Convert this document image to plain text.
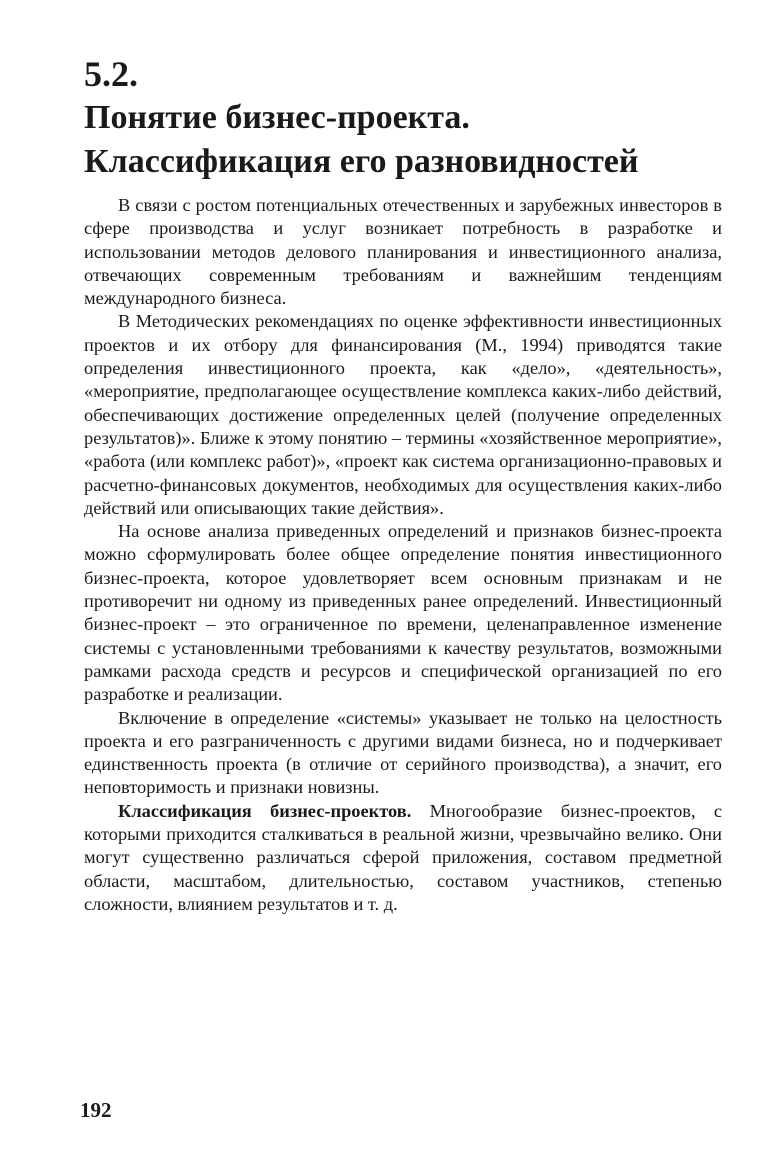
5.2.
Понятие бизнес-проекта.
Классификация его разновидностей

В связи с ростом потенциальных отечественных и зарубежных инвесторов в сфере производства и услуг возникает потребность в разработке и использовании методов делового планирования и инвестиционного анализа, отвечающих современным требованиям и важнейшим тенденциям международного бизнеса.

В Методических рекомендациях по оценке эффективности инвестиционных проектов и их отбору для финансирования (М., 1994) приводятся такие определения инвестиционного проекта, как «дело», «деятельность», «мероприятие, предполагающее осуществление комплекса каких-либо действий, обеспечивающих достижение определенных целей (получение определенных результатов)». Ближе к этому понятию – термины «хозяйственное мероприятие», «работа (или комплекс работ)», «проект как система организационно-правовых и расчетно-финансовых документов, необходимых для осуществления каких-либо действий или описывающих такие действия».

На основе анализа приведенных определений и признаков бизнес-проекта можно сформулировать более общее определение понятия инвестиционного бизнес-проекта, которое удовлетворяет всем основным признакам и не противоречит ни одному из приведенных ранее определений. Инвестиционный бизнес-проект – это ограниченное по времени, целенаправленное изменение системы с установленными требованиями к качеству результатов, возможными рамками расхода средств и ресурсов и специфической организацией по его разработке и реализации.

Включение в определение «системы» указывает не только на целостность проекта и его разграниченность с другими видами бизнеса, но и подчеркивает единственность проекта (в отличие от серийного производства), а значит, его неповторимость и признаки новизны.

Классификация бизнес-проектов. Многообразие бизнес-проектов, с которыми приходится сталкиваться в реальной жизни, чрезвычайно велико. Они могут существенно различаться сферой приложения, составом предметной области, масштабом, длительностью, составом участников, степенью сложности, влиянием результатов и т. д.

192
